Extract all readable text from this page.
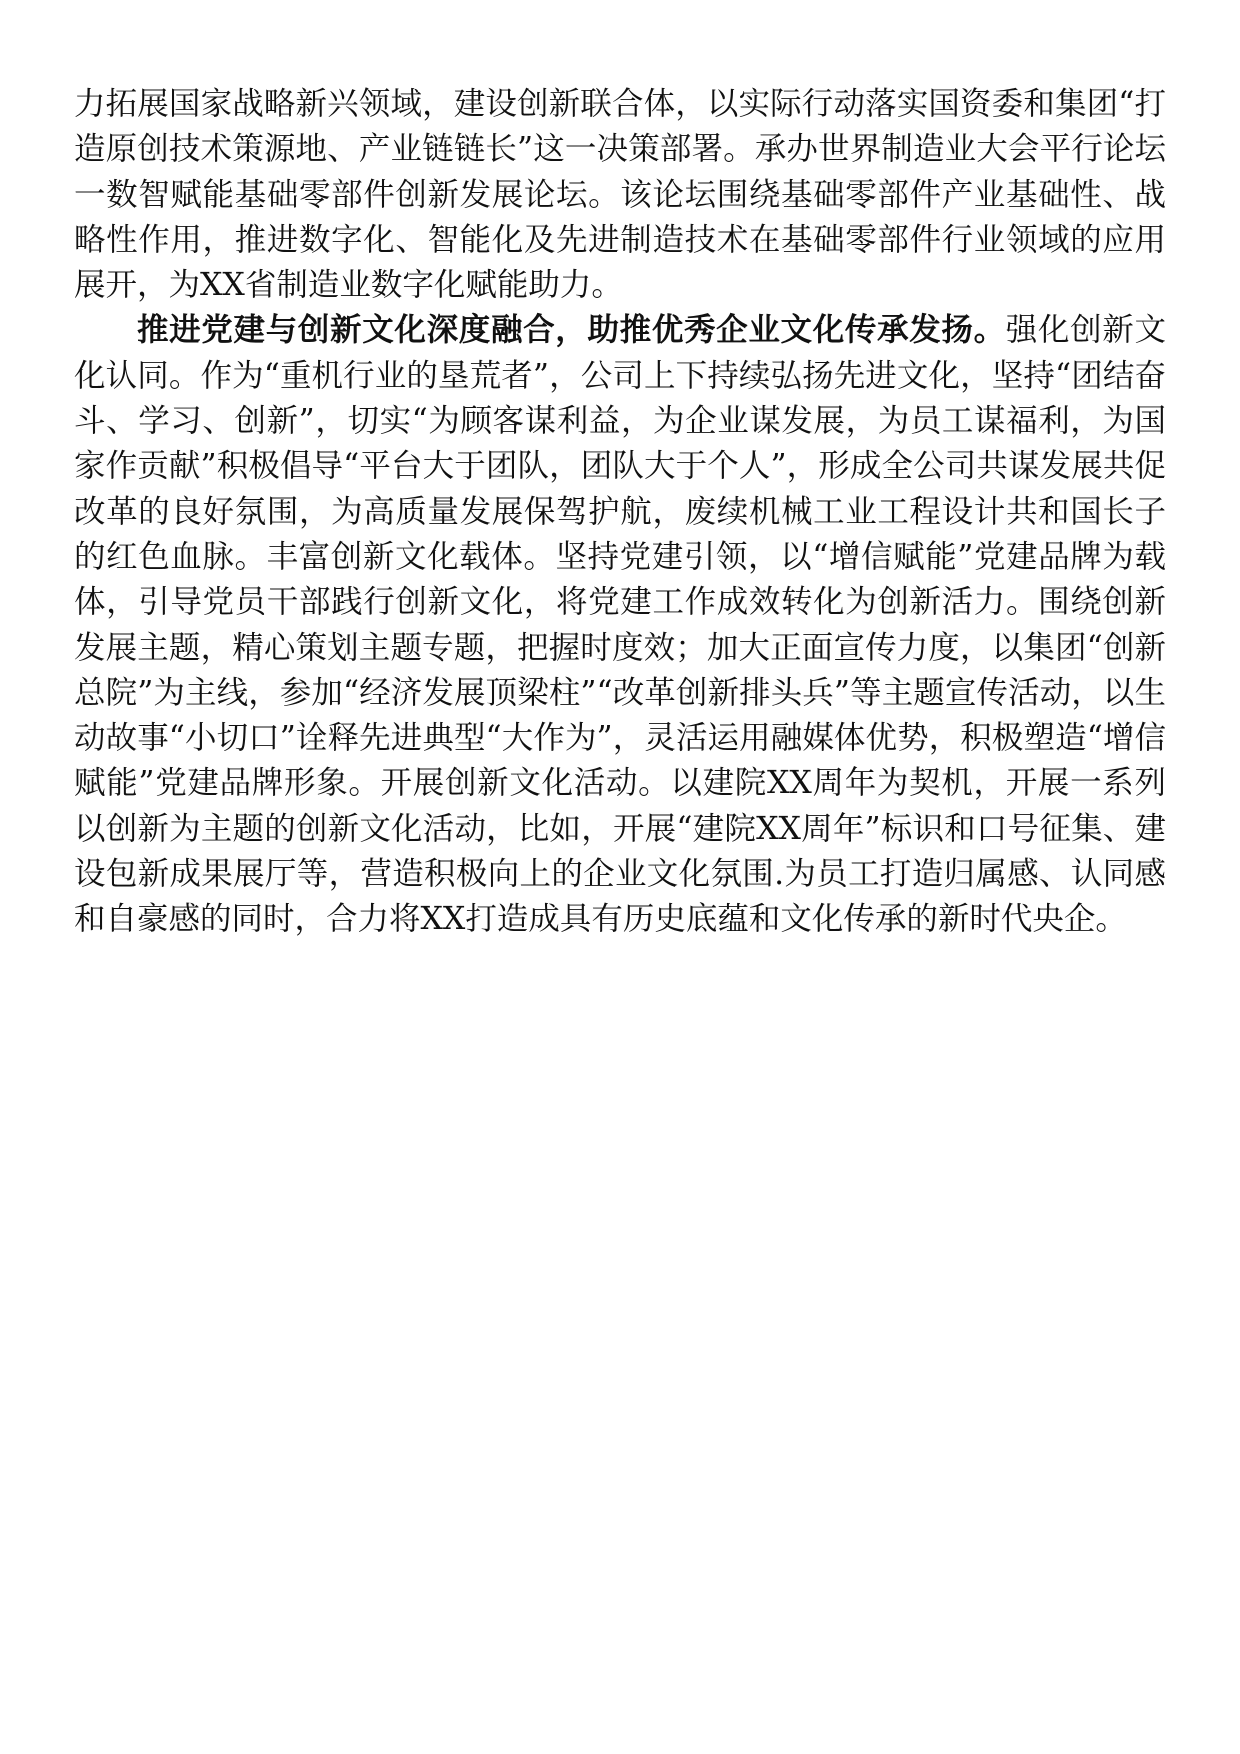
力拓展国家战略新兴领域，建设创新联合体，以实际行动落实国资委和集团“打造原创技术策源地、产业链链长”这一决策部署。承办世界制造业大会平行论坛一数智赋能基础零部件创新发展论坛。该论坛围绕基础零部件产业基础性、战略性作用，推进数字化、智能化及先进制造技术在基础零部件行业领域的应用展开，为XX省制造业数字化赋能助力。

推进党建与创新文化深度融合，助推优秀企业文化传承发扬。强化创新文化认同。作为“重机行业的垦荒者”，公司上下持续弘扬先进文化，坚持“团结奋斗、学习、创新”，切实“为顾客谋利益，为企业谋发展，为员工谋福利，为国家作贡献”积极倡导“平台大于团队，团队大于个人”，形成全公司共谋发展共促改革的良好氛围，为高质量发展保驾护航，废续机械工业工程设计共和国长子的红色血脉。丰富创新文化载体。坚持党建引领，以“增信赋能”党建品牌为载体，引导党员干部践行创新文化，将党建工作成效转化为创新活力。围绕创新发展主题，精心策划主题专题，把握时度效；加大正面宣传力度，以集团“创新总院”为主线，参加“经济发展顶梁柱”“改革创新排头兵”等主题宣传活动，以生动故事“小切口”诠释先进典型“大作为”，灵活运用融媒体优势，积极塑造“增信赋能”党建品牌形象。开展创新文化活动。以建院XX周年为契机，开展一系列以创新为主题的创新文化活动，比如，开展“建院XX周年”标识和口号征集、建设包新成果展厅等，营造积极向上的企业文化氛围.为员工打造归属感、认同感和自豪感的同时，合力将XX打造成具有历史底蕴和文化传承的新时代央企。
